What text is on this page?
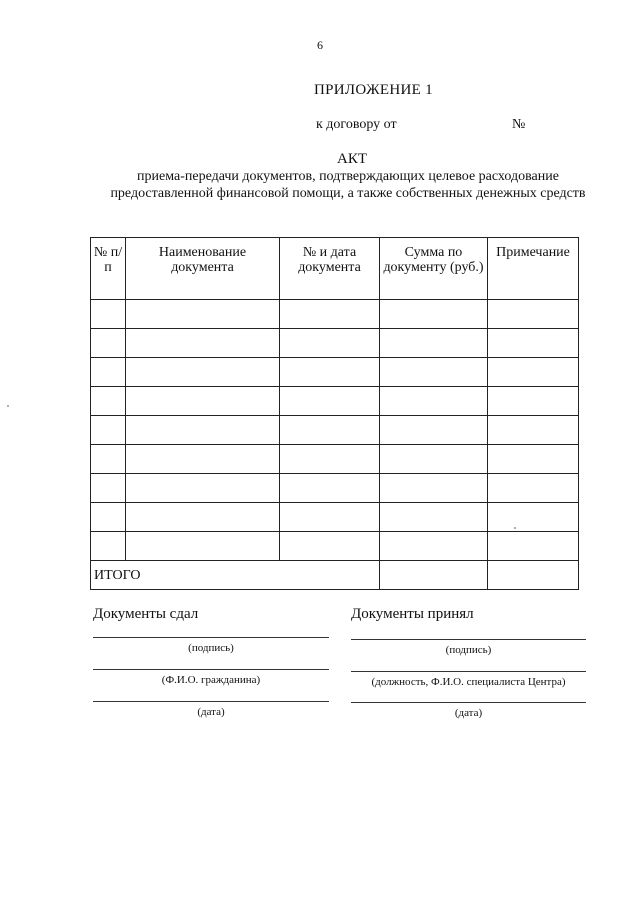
6
ПРИЛОЖЕНИЕ 1
к договору от	№
АКТ
приема-передачи документов, подтверждающих целевое расходование предоставленной финансовой помощи, а также собственных денежных средств
№ п/п	Наименование документа	№ и дата документа	Сумма по документу (руб.)	Примечание

ИТОГО				
Документы сдал
(подпись)
(Ф.И.О. гражданина)
(дата)
Документы принял
(подпись)
(должность, Ф.И.О. специалиста Центра)
(дата)
